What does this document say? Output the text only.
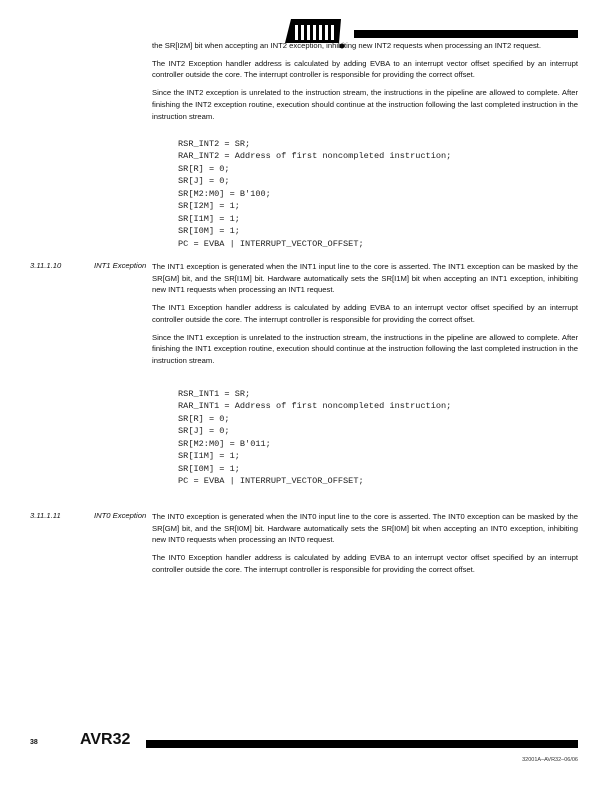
the SR[I2M] bit when accepting an INT2 exception, inhibiting new INT2 requests when processing an INT2 request.

The INT2 Exception handler address is calculated by adding EVBA to an interrupt vector offset specified by an interrupt controller outside the core. The interrupt controller is responsible for providing the correct offset.

Since the INT2 exception is unrelated to the instruction stream, the instructions in the pipeline are allowed to complete. After finishing the INT2 exception routine, execution should continue at the instruction following the last completed instruction in the instruction stream.

RSR_INT2 = SR;
RAR_INT2 = Address of first noncompleted instruction;
SR[R] = 0;
SR[J] = 0;
SR[M2:M0] = B'100;
SR[I2M] = 1;
SR[I1M] = 1;
SR[I0M] = 1;
PC = EVBA | INTERRUPT_VECTOR_OFFSET;
3.11.1.10	INT1 Exception The INT1 exception is generated when the INT1 input line to the core is asserted. The INT1 exception can be masked by the SR[GM] bit, and the SR[I1M] bit. Hardware automatically sets the SR[I1M] bit when accepting an INT1 exception, inhibiting new INT1 requests when processing an INT1 request.

The INT1 Exception handler address is calculated by adding EVBA to an interrupt vector offset specified by an interrupt controller outside the core. The interrupt controller is responsible for providing the correct offset.

Since the INT1 exception is unrelated to the instruction stream, the instructions in the pipeline are allowed to complete. After finishing the INT1 exception routine, execution should continue at the instruction following the last completed instruction in the instruction stream.

RSR_INT1 = SR;
RAR_INT1 = Address of first noncompleted instruction;
SR[R] = 0;
SR[J] = 0;
SR[M2:M0] = B'011;
SR[I1M] = 1;
SR[I0M] = 1;
PC = EVBA | INTERRUPT_VECTOR_OFFSET;
3.11.1.11	INT0 Exception The INT0 exception is generated when the INT0 input line to the core is asserted. The INT0 exception can be masked by the SR[GM] bit, and the SR[I0M] bit. Hardware automatically sets the SR[I0M] bit when accepting an INT0 exception, inhibiting new INT0 requests when processing an INT0 request.

The INT0 Exception handler address is calculated by adding EVBA to an interrupt vector offset specified by an interrupt controller outside the core. The interrupt controller is responsible for providing the correct offset.

38	AVR32
32001A–AVR32–06/06
